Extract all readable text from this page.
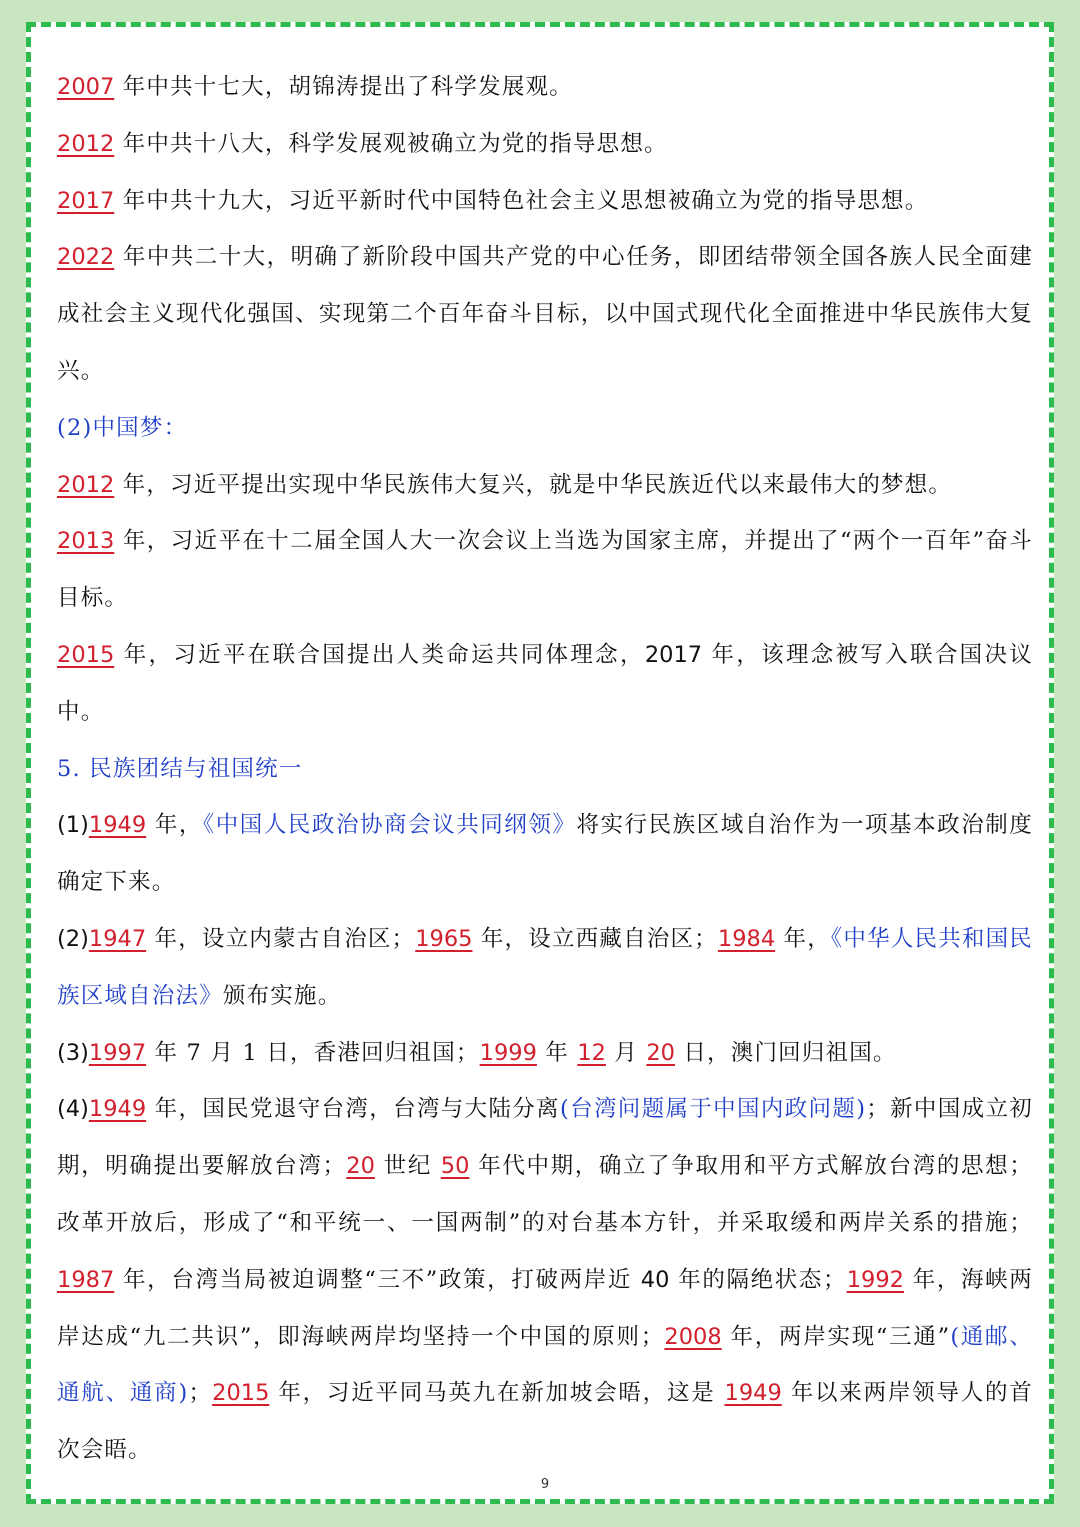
2007 年中共十七大，胡锦涛提出了科学发展观。

2012 年中共十八大，科学发展观被确立为党的指导思想。

2017 年中共十九大，习近平新时代中国特色社会主义思想被确立为党的指导思想。

2022 年中共二十大，明确了新阶段中国共产党的中心任务，即团结带领全国各族人民全面建成社会主义现代化强国、实现第二个百年奋斗目标，以中国式现代化全面推进中华民族伟大复兴。

(2)中国梦：

2012 年，习近平提出实现中华民族伟大复兴，就是中华民族近代以来最伟大的梦想。

2013 年，习近平在十二届全国人大一次会议上当选为国家主席，并提出了“两个一百年”奋斗目标。

2015 年，习近平在联合国提出人类命运共同体理念，2017 年，该理念被写入联合国决议中。

5. 民族团结与祖国统一

(1)1949 年，《中国人民政治协商会议共同纲领》将实行民族区域自治作为一项基本政治制度确定下来。

(2)1947 年，设立内蒙古自治区；1965 年，设立西藏自治区；1984 年，《中华人民共和国民族区域自治法》颁布实施。

(3)1997 年 7 月 1 日，香港回归祖国；1999 年 12 月 20 日，澳门回归祖国。

(4)1949 年，国民党退守台湾，台湾与大陆分离(台湾问题属于中国内政问题)；新中国成立初期，明确提出要解放台湾；20 世纪 50 年代中期，确立了争取用和平方式解放台湾的思想；改革开放后，形成了“和平统一、一国两制”的对台基本方针，并采取缓和两岸关系的措施；1987 年，台湾当局被迫调整“三不”政策，打破两岸近 40 年的隔绝状态；1992 年，海峡两岸达成“九二共识”，即海峡两岸均坚持一个中国的原则；2008 年，两岸实现“三通”(通邮、通航、通商)；2015 年，习近平同马英九在新加坡会晤，这是 1949 年以来两岸领导人的首次会晤。

9
